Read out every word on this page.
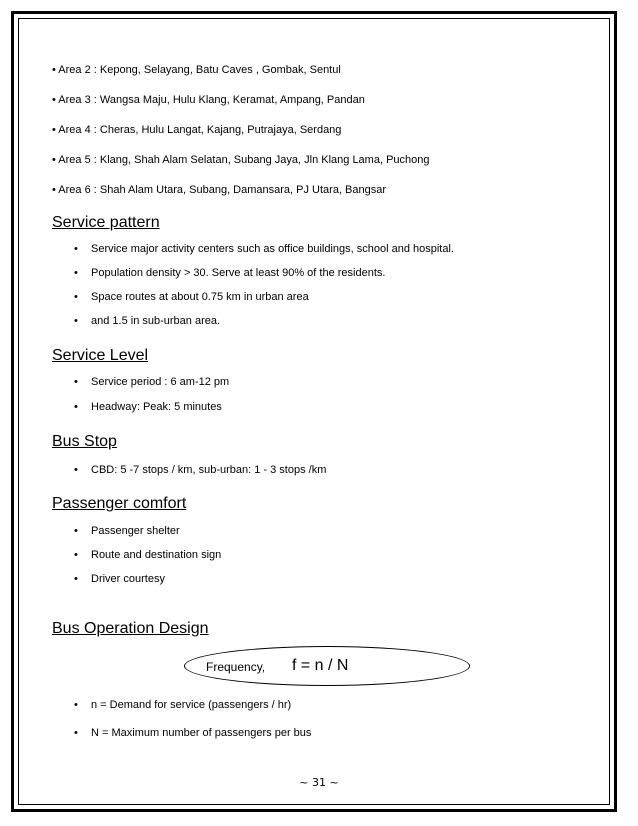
• Area 2 : Kepong, Selayang, Batu Caves , Gombak, Sentul
• Area 3 : Wangsa Maju, Hulu Klang, Keramat, Ampang, Pandan
• Area 4 : Cheras, Hulu Langat, Kajang, Putrajaya, Serdang
• Area 5 : Klang, Shah Alam Selatan, Subang Jaya, Jln Klang Lama, Puchong
• Area 6 : Shah Alam Utara, Subang, Damansara, PJ Utara, Bangsar
Service pattern
• Service major activity centers such as office buildings, school and hospital.
• Population density > 30. Serve at least 90% of the residents.
• Space routes at about 0.75 km in urban area
• and 1.5 in sub-urban area.
Service Level
• Service period : 6 am-12 pm
• Headway: Peak: 5 minutes
Bus Stop
• CBD: 5 -7 stops / km, sub-urban: 1 - 3 stops /km
Passenger comfort
• Passenger shelter
• Route and destination sign
• Driver courtesy
Bus Operation Design
Frequency, f = n / N
• n = Demand for service (passengers / hr)
• N = Maximum number of passengers per bus
~ 31 ~
